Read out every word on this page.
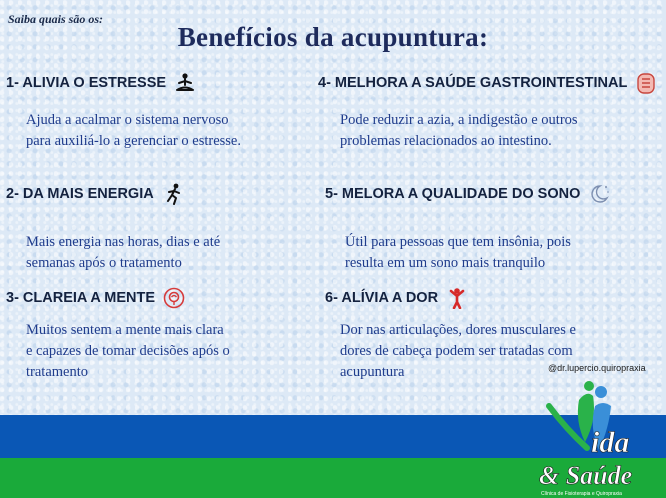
Saiba quais são os:
Benefícios da acupuntura:
1- ALIVIA O ESTRESSE
Ajuda a acalmar o sistema nervoso
para auxiliá-lo a gerenciar o estresse.
2- DA MAIS ENERGIA
Mais energia nas horas, dias e até
semanas após o tratamento
3- CLAREIA A MENTE
Muitos sentem a mente mais clara
e capazes de tomar decisões após o
tratamento
4- MELHORA A SAÚDE GASTROINTESTINAL
Pode reduzir a azia, a indigestão e outros
problemas relacionados ao intestino.
5- MELORA A QUALIDADE DO SONO
Útil para pessoas que tem insônia, pois
resulta em um sono mais tranquilo
6- ALÍVIA A DOR
Dor nas articulações, dores musculares e
dores de cabeça podem ser tratadas com
acupuntura	@dr.lupercio.quiropraxia
ida
& Saúde
Clínica de Fisioterapia e Quiropraxia
